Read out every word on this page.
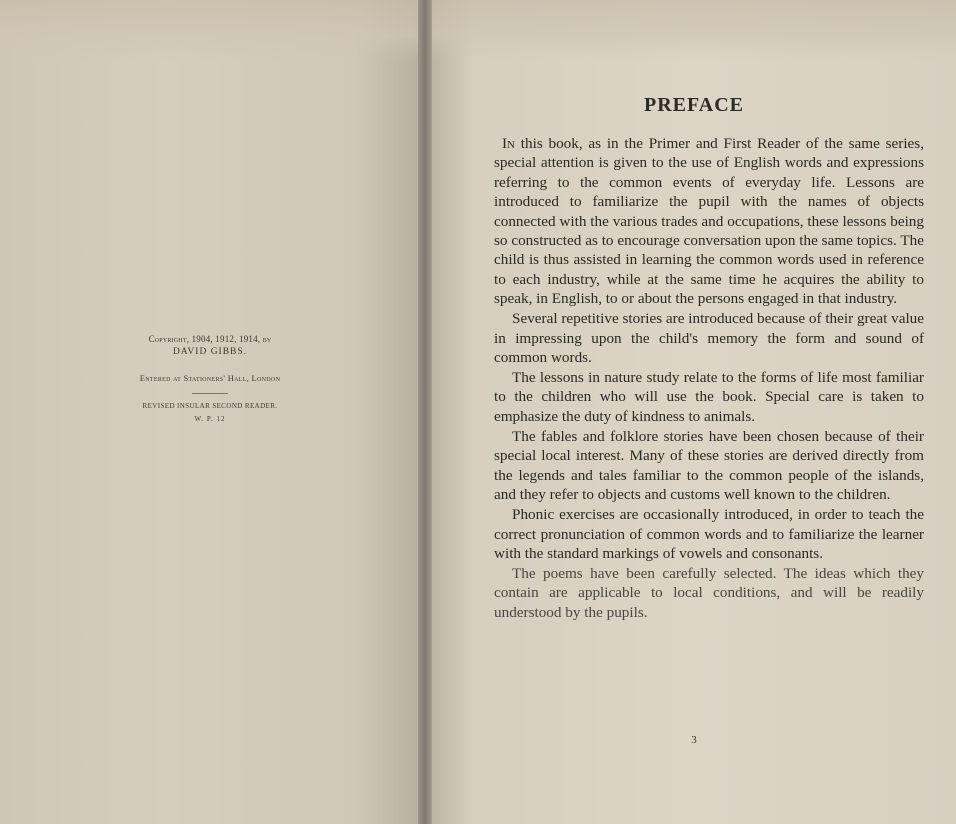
Copyright, 1904, 1912, 1914, by

DAVID GIBBS.

Entered at Stationers' Hall, London

REVISED INSULAR SECOND READER.

W. P. 12

PREFACE

In this book, as in the Primer and First Reader of the same series, special attention is given to the use of English words and expressions referring to the common events of everyday life. Lessons are introduced to familiarize the pupil with the names of objects connected with the various trades and occupations, these lessons being so constructed as to encourage conversation upon the same topics. The child is thus assisted in learning the common words used in reference to each industry, while at the same time he acquires the ability to speak, in English, to or about the persons engaged in that industry.

Several repetitive stories are introduced because of their great value in impressing upon the child's memory the form and sound of common words.

The lessons in nature study relate to the forms of life most familiar to the children who will use the book. Special care is taken to emphasize the duty of kindness to animals.

The fables and folklore stories have been chosen because of their special local interest. Many of these stories are derived directly from the legends and tales familiar to the common people of the islands, and they refer to objects and customs well known to the children.

Phonic exercises are occasionally introduced, in order to teach the correct pronunciation of common words and to familiarize the learner with the standard markings of vowels and consonants.

The poems have been carefully selected. The ideas which they contain are applicable to local conditions, and will be readily understood by the pupils.

3
